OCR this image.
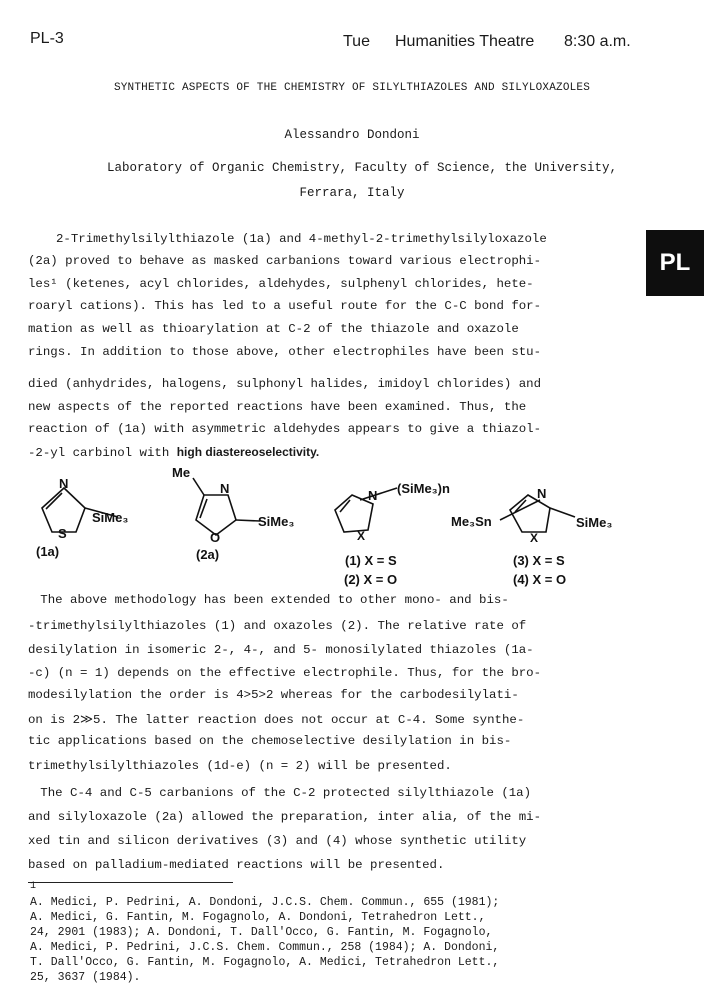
PL-3	Tue Humanities Theatre 8:30 a.m.
PL
SYNTHETIC ASPECTS OF THE CHEMISTRY OF SILYLTHIAZOLES AND SILYLOXAZOLES
Alessandro Dondoni
Laboratory of Organic Chemistry, Faculty of Science, the University,
Ferrara, Italy
2-Trimethylsilylthiazole (1a) and 4-methyl-2-trimethylsilyloxazole
(2a) proved to behave as masked carbanions toward various electrophi-
les¹ (ketenes, acyl chlorides, aldehydes, sulphenyl chlorides, hete-
roaryl cations). This has led to a useful route for the C-C bond for-
mation as well as thioarylation at C-2 of the thiazole and oxazole
rings. In addition to those above, other electrophiles have been stu-
died (anhydrides, halogens, sulphonyl halides, imidoyl chlorides) and
new aspects of the reported reactions have been examined. Thus, the
reaction of (1a) with asymmetric aldehydes appears to give a thiazol-
-2-yl carbinol with high diastereoselectivity.
N
S
SiMe₃
(1a)
Me
N
O
SiMe₃
(2a)
N
X
(SiMe₃)n
(1) X = S
(2) X = O
N
X
Me₃Sn	SiMe₃
(3) X = S
(4) X = O
The above methodology has been extended to other mono- and bis-
-trimethylsilylthiazoles (1) and oxazoles (2). The relative rate of
desilylation in isomeric 2-, 4-, and 5- monosilylated thiazoles (1a-
-c) (n = 1) depends on the effective electrophile. Thus, for the bro-
modesilylation the order is 4>5>2 whereas for the carbodesilylati-
on is 2≫5. The latter reaction does not occur at C-4. Some synthe-
tic applications based on the chemoselective desilylation in bis-
trimethylsilylthiazoles (1d-e) (n = 2) will be presented.
The C-4 and C-5 carbanions of the C-2 protected silylthiazole (1a)
and silyloxazole (2a) allowed the preparation, inter alia, of the mi-
xed tin and silicon derivatives (3) and (4) whose synthetic utility
based on palladium-mediated reactions will be presented.
1
A. Medici, P. Pedrini, A. Dondoni, J.C.S. Chem. Commun., 655 (1981);
A. Medici, G. Fantin, M. Fogagnolo, A. Dondoni, Tetrahedron Lett.,
24, 2901 (1983); A. Dondoni, T. Dall'Occo, G. Fantin, M. Fogagnolo,
A. Medici, P. Pedrini, J.C.S. Chem. Commun., 258 (1984); A. Dondoni,
T. Dall'Occo, G. Fantin, M. Fogagnolo, A. Medici, Tetrahedron Lett.,
25, 3637 (1984).
